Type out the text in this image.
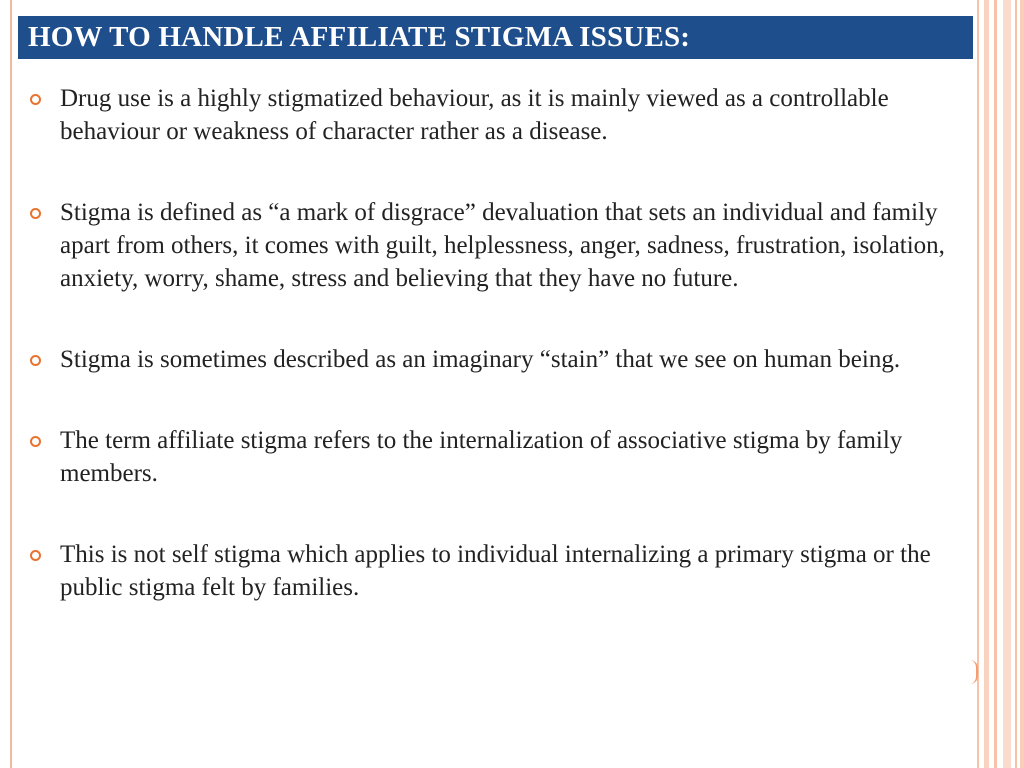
HOW TO HANDLE AFFILIATE STIGMA ISSUES:
Drug use is a highly stigmatized behaviour, as it is mainly viewed as a controllable behaviour or weakness of character rather as a disease.
Stigma is defined as “a mark of disgrace” devaluation that sets an individual and family apart from others, it comes with guilt, helplessness, anger, sadness, frustration, isolation, anxiety, worry, shame, stress and believing that they have no future.
Stigma is sometimes described as an imaginary “stain” that we see on human being.
The term affiliate stigma refers to the internalization of associative stigma by family members.
This is not self stigma which applies to individual internalizing a primary stigma or the public stigma felt by families.
